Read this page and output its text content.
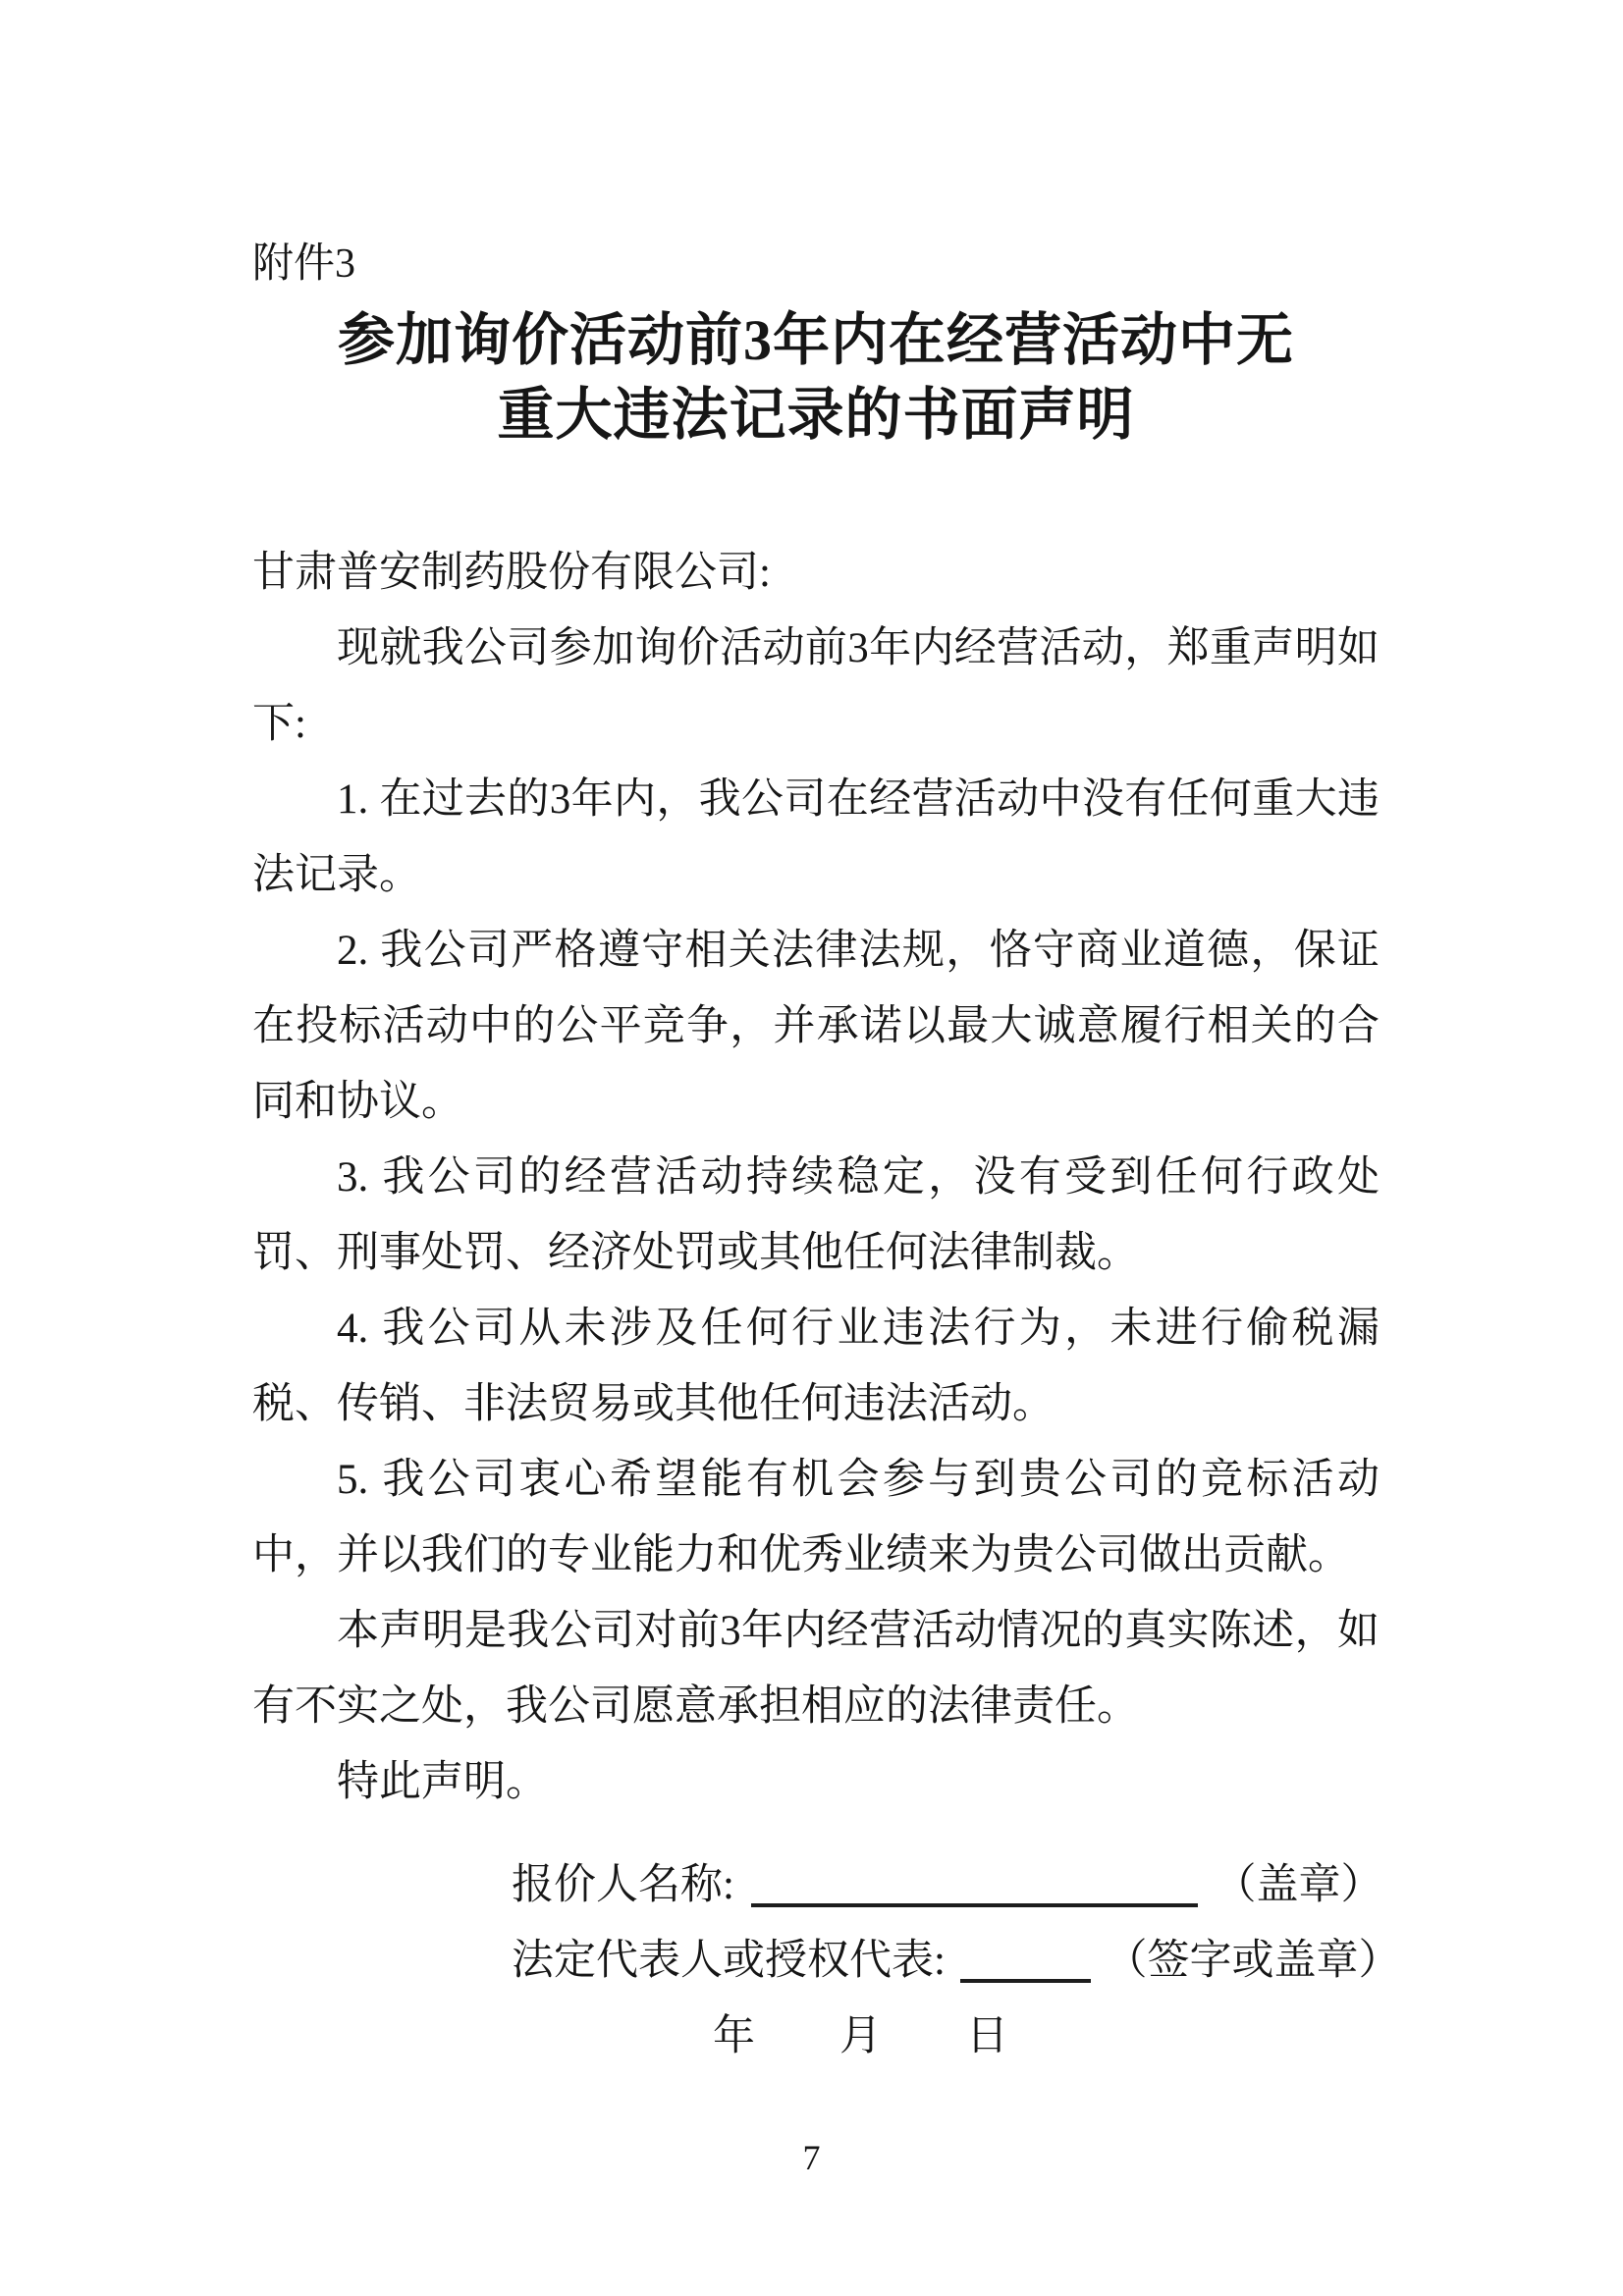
附件3
参加询价活动前3年内在经营活动中无
重大违法记录的书面声明
甘肃普安制药股份有限公司:

现就我公司参加询价活动前3年内经营活动，郑重声明如下:

1. 在过去的3年内，我公司在经营活动中没有任何重大违法记录。

2. 我公司严格遵守相关法律法规，恪守商业道德，保证在投标活动中的公平竞争，并承诺以最大诚意履行相关的合同和协议。

3. 我公司的经营活动持续稳定，没有受到任何行政处罚、刑事处罚、经济处罚或其他任何法律制裁。

4. 我公司从未涉及任何行业违法行为，未进行偷税漏税、传销、非法贸易或其他任何违法活动。

5. 我公司衷心希望能有机会参与到贵公司的竞标活动中，并以我们的专业能力和优秀业绩来为贵公司做出贡献。

本声明是我公司对前3年内经营活动情况的真实陈述，如有不实之处，我公司愿意承担相应的法律责任。

特此声明。

报价人名称:	（盖章）
法定代表人或授权代表:	（签字或盖章）
年　　月　　日
7
